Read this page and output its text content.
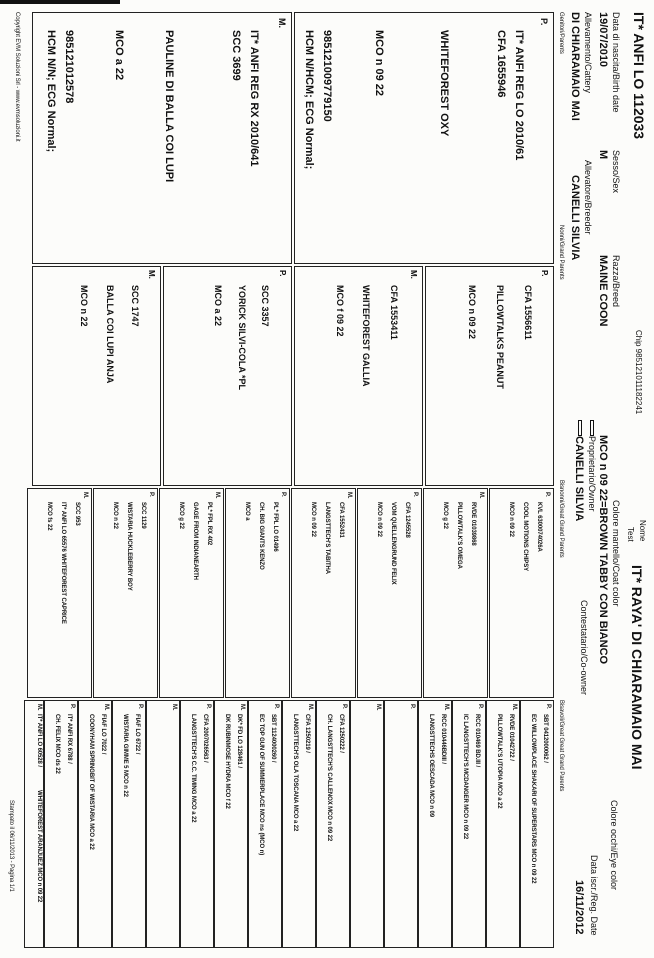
IT* ANFI LO 112033
Chip 985121011182241
Nome
Test
IT* RAYA' DI CHIARAMAIO MAI
Data di nascita/Birth date
19/07/2010
Sesso/Sex
M
Razza/Breed
MAINE COON
Colore mantello/Coat color
MCO n 09 22=BROWN TABBY CON BIANCO
Colore occhi/Eye color
Allevamento/Cattery
DI CHIARAMAIO MAI
Allevatore/Breeder
CANELLI SILVIA
Proprietario/Owner
CANELLI SILVIA
Contestatario/Co-owner
Data iscr./Reg. Date
16/11/2012
Genitori/Parents
Nonni/Grand Parents
Bisnonni/Great Grand Parents
Bisavoli/Great Great Grand Parents
P.
IT* ANFI REG LO 2010/61
CFA 1655946
WHITEFOREST OXY
MCO n 09 22
985121009779150
HCM N/HCM; ECG Normal;
M.
IT* ANFI REG RX 2010/641
SCC 3699
PAULINE DI BALLA COI LUPI
MCO a 22
985121012578
HCM N/N; ECG Normal;
P.
CFA 1556611
PILLOWTALKS PEANUT
MCO n 09 22
M.
CFA 1553411
WHITEFOREST GALLIA
MCO f 09 22
P.
SCC 3357
YORICK SILVI-COLA *PL
MCO a 22
M.
SCC 1747
BALLA COI LUPI ANJA
MCO n 22
P.
KVL 6300074026A
COOL MOTIONS CHIPSY
MCO n 09 22
M.
RVDE 01039868
PILLOWTALK'S OMEGA
MCO g 22
P.
CFA 1245528
VOM QUELLENGRUND FELIX
MCO n 09 22
M.
CFA 1552431
LANGSTTECH'S TABITHA
MCO n 09 22
P.
PL* FPL LO 01496
CH. BIG GIANTS KENZO
MCO a
M.
PL* FPL RX 402
GAGE FROM INDIANEARTH
MCO g 22
P.
SCC 1129
WISTARIA HUCKLEBERRY BOY
MCO n 22
M.
SCC 953
IT* ANFI LO 65576 WHITEFOREST CAPRICE
MCO fs 22
P.
SBT 0412000062 /
EC WILLOWPLACE SHAKARI OF SUPERSTARS MCO n 09 22
M.
RVDE 01042722 /
PILLOWTALK'S UTOPIA MCO a 22
P.
RCC 010469 BD.III /
IC LANGSTTECH'S MCDANGER MCO n 09 22
M.
RCC 010446BDIII /
LANGSTTECHS OESCADA MCO n 09
P.
M.
P.
CFA 1250222 /
CH. LANGSTTECH'S CALLENOX MCO n 09 22
M.
CFA 1250219 /
LANGSTTECH'S OLA TOSCANA MCO a 22
P.
SBT 1124000260 /
EC TOP GUN OF SUMMERPLACE MCO ns (MCO n)
M.
DK* FD LO 128461 /
DK RUBINMOSE HYDRA MCO f 22
P.
CFA 2007026563 /
LANGSTTECH'S C.C. TIMING MCO a 22
M.
P.
FIAF LO 6722 /
WISTARIA GIMME 5 MCO n 22
M.
FIAF LO 7022 /
COONYHAM SPRINGBIT OF WISTARIA MCO a 22
P.
IT* ANFI RX 6788 /
CH. FELIX MCO ds 22
M.
IT* ANFI LO 60528 /
WHITEFOREST ARANJUEZ MCO n 09 22
Copyright EVM Soluzioni Srl - www.evmsoluzioni.it
Stampato il 06/11/2013 - Pagina 1/1
